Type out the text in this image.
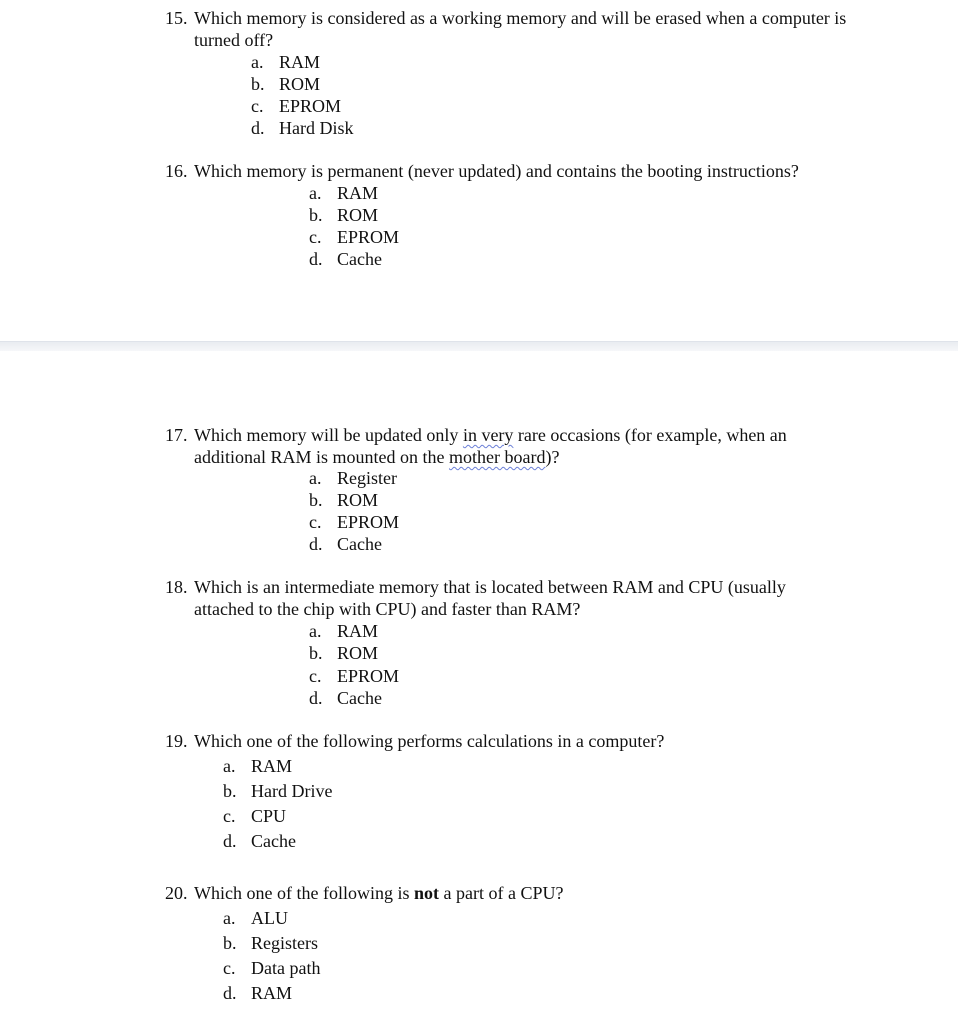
15. Which memory is considered as a working memory and will be erased when a computer is
turned off?
a. RAM
b. ROM
c. EPROM
d. Hard Disk
16. Which memory is permanent (never updated) and contains the booting instructions?
a. RAM
b. ROM
c. EPROM
d. Cache
17. Which memory will be updated only in very rare occasions (for example, when an
additional RAM is mounted on the mother board)?
a. Register
b. ROM
c. EPROM
d. Cache
18. Which is an intermediate memory that is located between RAM and CPU (usually
attached to the chip with CPU) and faster than RAM?
a. RAM
b. ROM
c. EPROM
d. Cache
19. Which one of the following performs calculations in a computer?
a. RAM
b. Hard Drive
c. CPU
d. Cache
20. Which one of the following is not a part of a CPU?
a. ALU
b. Registers
c. Data path
d. RAM
